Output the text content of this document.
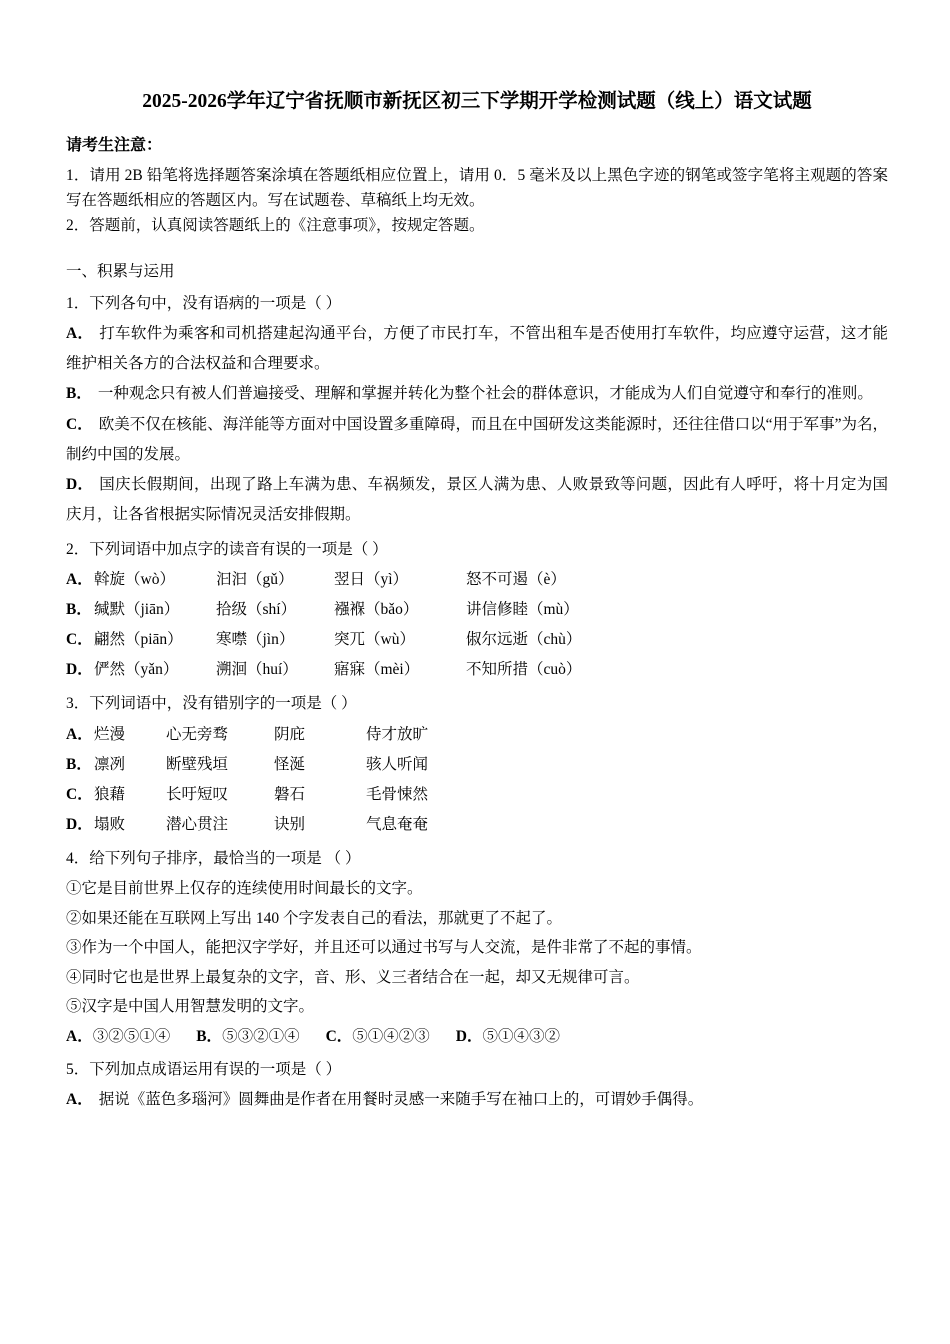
2025-2026学年辽宁省抚顺市新抚区初三下学期开学检测试题（线上）语文试题
请考生注意：

1．请用 2B 铅笔将选择题答案涂填在答题纸相应位置上，请用 0．5 毫米及以上黑色字迹的钢笔或签字笔将主观题的答案写在答题纸相应的答题区内。写在试题卷、草稿纸上均无效。

2．答题前，认真阅读答题纸上的《注意事项》，按规定答题。

一、积累与运用
1．下列各句中，没有语病的一项是（ ）

A． 打车软件为乘客和司机搭建起沟通平台，方便了市民打车，不管出租车是否使用打车软件，均应遵守运营，这才能维护相关各方的合法权益和合理要求。

B． 一种观念只有被人们普遍接受、理解和掌握并转化为整个社会的群体意识，才能成为人们自觉遵守和奉行的准则。

C． 欧美不仅在核能、海洋能等方面对中国设置多重障碍，而且在中国研发这类能源时，还往往借口以“用于军事”为名，制约中国的发展。

D． 国庆长假期间，出现了路上车满为患、车祸频发，景区人满为患、人败景致等问题，因此有人呼吁，将十月定为国庆月，让各省根据实际情况灵活安排假期。

2．下列词语中加点字的读音有误的一项是（ ）
A． 斡旋（wò）	汩汩（gǔ）	翌日（yì）	怒不可遏（è）
B． 缄默（jiān）	拾级（shí）	襁褓（bǎo）	讲信修睦（mù）
C． 翩然（piān）	寒噤（jìn）	突兀（wù）	俶尔远逝（chù）
D． 俨然（yǎn）	溯洄（huí）	寤寐（mèi）	不知所措（cuò）
3．下列词语中，没有错别字的一项是（ ）
A． 烂漫	心无旁骛	阴庇	侍才放旷
B． 凛冽	断壁残垣	怪涎	骇人听闻
C． 狼藉	长吁短叹	磐石	毛骨悚然
D． 塌败	潜心贯注	诀别	气息奄奄
4．给下列句子排序，最恰当的一项是 （ ）

①它是目前世界上仅存的连续使用时间最长的文字。

②如果还能在互联网上写出 140 个字发表自己的看法，那就更了不起了。

③作为一个中国人，能把汉字学好，并且还可以通过书写与人交流，是件非常了不起的事情。

④同时它也是世界上最复杂的文字，音、形、义三者结合在一起，却又无规律可言。

⑤汉字是中国人用智慧发明的文字。

A．③②⑤①④ B．⑤③②①④ C．⑤①④②③ D．⑤①④③②
5．下列加点成语运用有误的一项是（ ）

A． 据说《蓝色多瑙河》圆舞曲是作者在用餐时灵感一来随手写在袖口上的，可谓妙手偶得。
